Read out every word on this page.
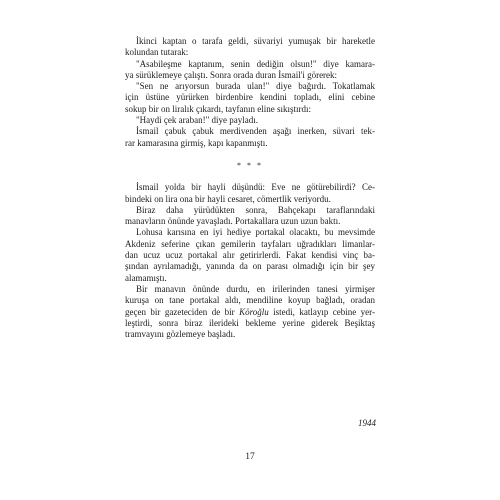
İkinci kaptan o tarafa geldi, süvariyi yumuşak bir hareketle
kolundan tutarak:
"Asabileşme kaptanım, senin dediğin olsun!" diye kamara-
ya sürüklemeye çalıştı. Sonra orada duran İsmail'i görerek:
"Sen ne arıyorsun burada ulan!" diye bağırdı. Tokatlamak
için üstüne yürürken birdenbire kendini topladı, elini cebine
sokup bir on liralık çıkardı, tayfanın eline sıkıştırdı:
"Haydi çek araban!" diye payladı.
İsmail çabuk çabuk merdivenden aşağı inerken, süvari tek-
rar kamarasına girmiş, kapı kapanmıştı.
* * *
İsmail yolda bir hayli düşündü: Eve ne götürebilirdi? Ce-
bindeki on lira ona bir hayli cesaret, cömertlik veriyordu.
Biraz daha yürüdükten sonra, Bahçekapı taraflarındaki
manavların önünde yavaşladı. Portakallara uzun uzun baktı.
Lohusa karısına en iyi hediye portakal olacaktı, bu mevsimde
Akdeniz seferine çıkan gemilerin tayfaları uğradıkları limanlar-
dan ucuz ucuz portakal alır getirirlerdi. Fakat kendisi vinç ba-
şından ayrılamadığı, yanında da on parası olmadığı için bir şey
alamamıştı.
Bir manavın önünde durdu, en irilerinden tanesi yirmişer
kuruşa on tane portakal aldı, mendiline koyup bağladı, oradan
geçen bir gazeteciden de bir Köroğlu istedi, katlayıp cebine yer-
leştirdi, sonra biraz ilerideki bekleme yerine giderek Beşiktaş
tramvayını gözlemeye başladı.
1944
17
